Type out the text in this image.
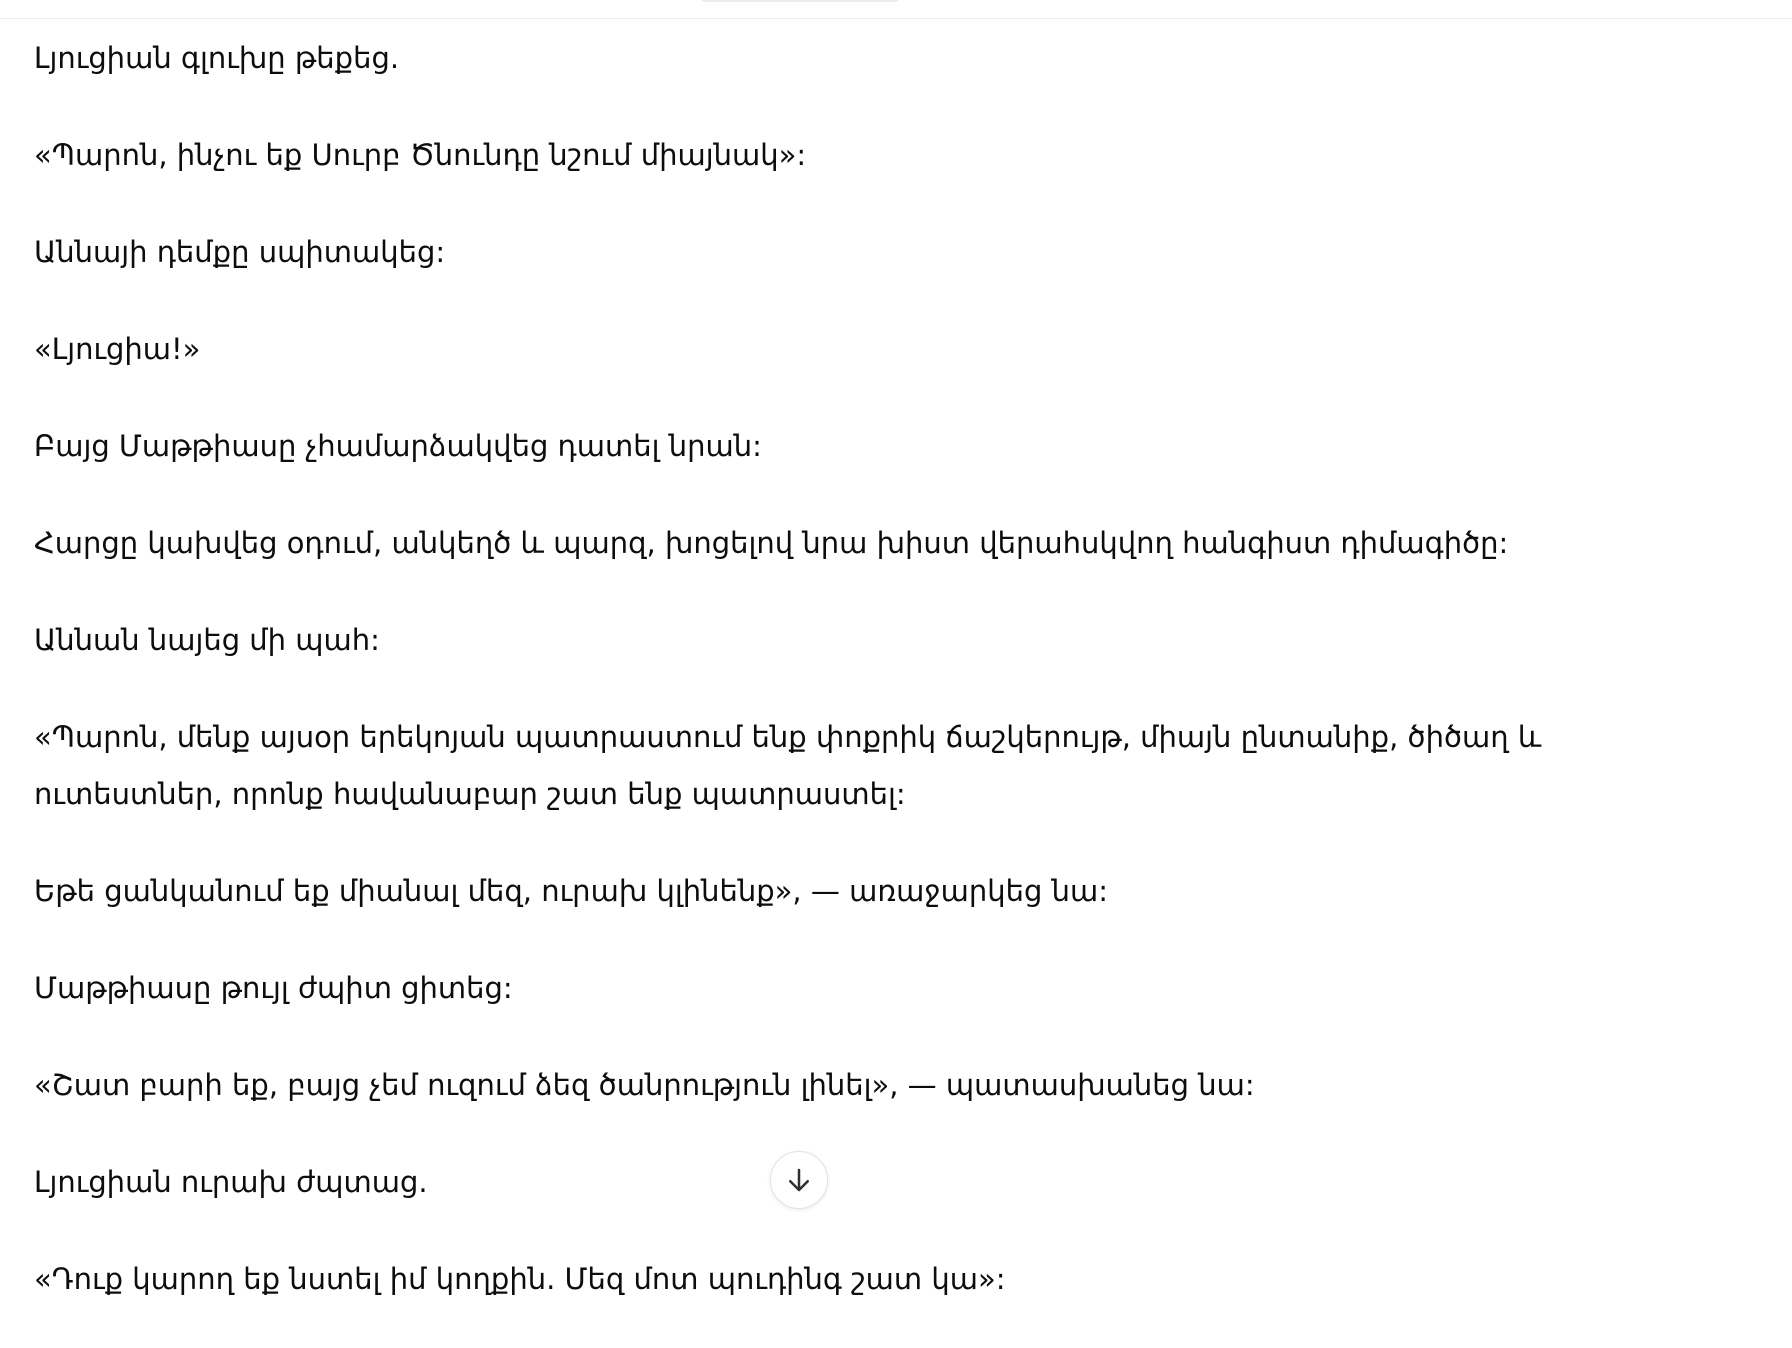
Լյուցիան գլուխը թեքեց.

«Պարոն, ինչու եք Սուրբ Ծնունդը նշում միայնակ»:

Աննայի դեմքը սպիտակեց:

«Լյուցիա!»

Բայց Մաթթիասը չհամարձակվեց դատել նրան:

Հարցը կախվեց օդում, անկեղծ և պարզ, խոցելով նրա խիստ վերահսկվող հանգիստ դիմագիծը:

Աննան նայեց մի պահ:

«Պարոն, մենք այսօր երեկոյան պատրաստում ենք փոքրիկ ճաշկերույթ, միայն ընտանիք, ծիծաղ և ուտեստներ, որոնք հավանաբար շատ ենք պատրաստել:

Եթե ցանկանում եք միանալ մեզ, ուրախ կլինենք», — առաջարկեց նա:

Մաթթիասը թույլ ժպիտ ցիտեց:

«Շատ բարի եք, բայց չեմ ուզում ձեզ ծանրություն լինել», — պատասխանեց նա:

Լյուցիան ուրախ ժպտաց.

«Դուք կարող եք նստել իմ կողքին. Մեզ մոտ պուդինգ շատ կա»:
